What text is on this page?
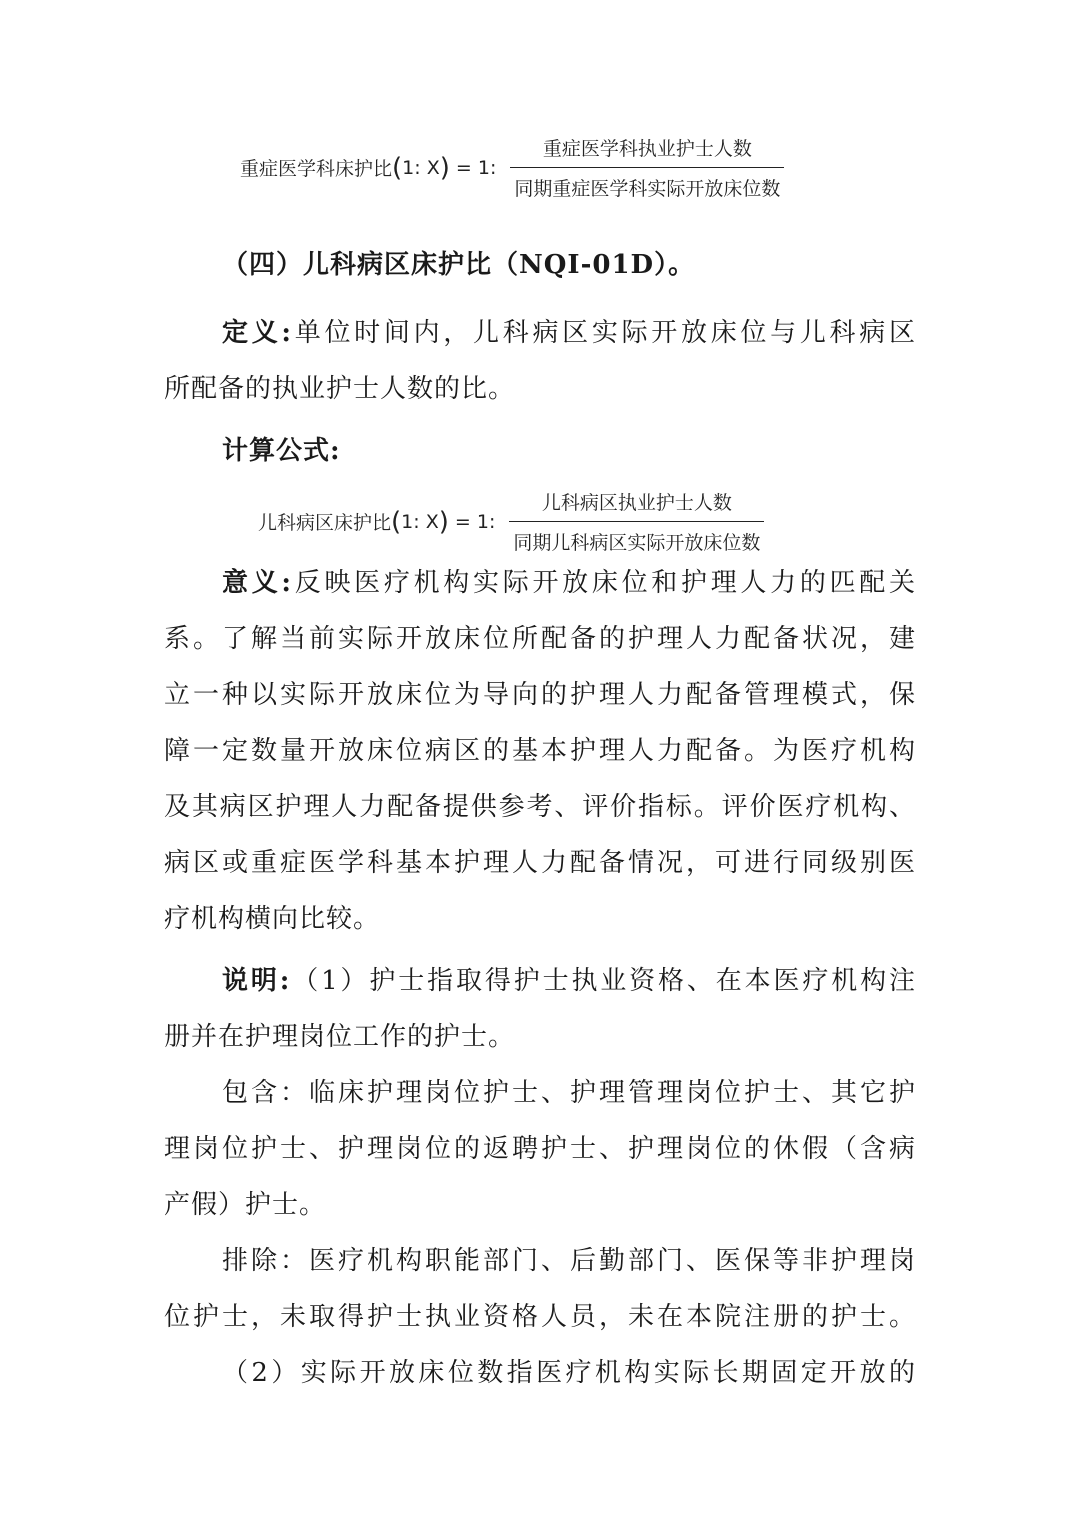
重症医学科床护比 ( 1: X ) = 1: $\frac{\text{重症医学科执业护士人数}}{\text{同期重症医学科实际开放床位数}}$
（四）儿科病区床护比（NQI-01D）。
定义:单位时间内，儿科病区实际开放床位与儿科病区
所配备的执业护士人数的比。
计算公式:
儿科病区床护比 ( 1: X ) = 1: $\frac{\text{儿科病区执业护士人数}}{\text{同期儿科病区实际开放床位数}}$
意义:反映医疗机构实际开放床位和护理人力的匹配关
系。了解当前实际开放床位所配备的护理人力配备状况，建
立一种以实际开放床位为导向的护理人力配备管理模式，保
障一定数量开放床位病区的基本护理人力配备。为医疗机构
及其病区护理人力配备提供参考、评价指标。评价医疗机构、
病区或重症医学科基本护理人力配备情况，可进行同级别医
疗机构横向比较。
说明:（1）护士指取得护士执业资格、在本医疗机构注
册并在护理岗位工作的护士。
包含：临床护理岗位护士、护理管理岗位护士、其它护
理岗位护士、护理岗位的返聘护士、护理岗位的休假（含病
产假）护士。
排除：医疗机构职能部门、后勤部门、医保等非护理岗
位护士，未取得护士执业资格人员，未在本院注册的护士。
（2）实际开放床位数指医疗机构实际长期固定开放的
